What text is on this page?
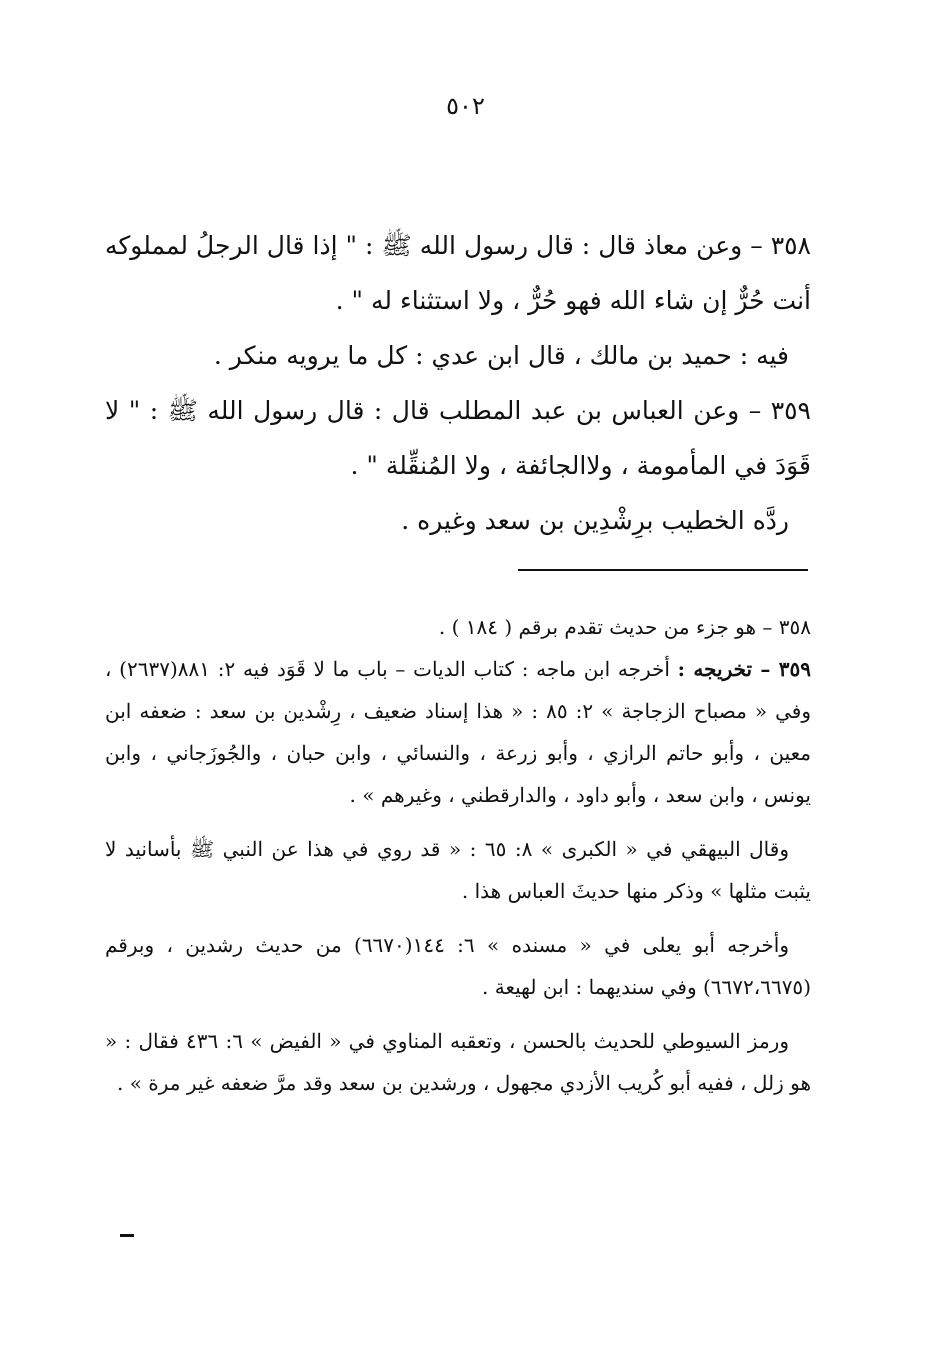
٥٠٢

٣٥٨ – وعن معاذ قال : قال رسول الله ﷺ : " إذا قال الرجلُ لمملوكه أنت حُرٌّ إن شاء الله فهو حُرٌّ ، ولا استثناء له " .

فيه : حميد بن مالك ، قال ابن عدي : كل ما يرويه منكر .

٣٥٩ – وعن العباس بن عبد المطلب قال : قال رسول الله ﷺ : " لا قَوَدَ في المأمومة ، ولاالجائفة ، ولا المُنقِّلة " .

ردَّه الخطيب برِشْدِين بن سعد وغيره .

٣٥٨ – هو جزء من حديث تقدم برقم ( ١٨٤ ) .

٣٥٩ – تخريجه : أخرجه ابن ماجه : كتاب الديات – باب ما لا قَوَد فيه ٢: ٨٨١(٢٦٣٧) ، وفي « مصباح الزجاجة » ٢: ٨٥ : « هذا إسناد ضعيف ، رِشْدين بن سعد : ضعفه ابن معين ، وأبو حاتم الرازي ، وأبو زرعة ، والنسائي ، وابن حبان ، والجُوزَجاني ، وابن يونس ، وابن سعد ، وأبو داود ، والدارقطني ، وغيرهم » .

وقال البيهقي في « الكبرى » ٨: ٦٥ : « قد روي في هذا عن النبي ﷺ بأسانيد لا يثبت مثلها » وذكر منها حديثَ العباس هذا .

وأخرجه أبو يعلى في « مسنده » ٦: ١٤٤(٦٦٧٠) من حديث رشدين ، وبرقم (٦٦٧٢،٦٦٧٥) وفي سنديهما : ابن لهيعة .

ورمز السيوطي للحديث بالحسن ، وتعقبه المناوي في « الفيض » ٦: ٤٣٦ فقال : « هو زلل ، ففيه أبو كُريب الأزدي مجهول ، ورشدين بن سعد وقد مرَّ ضعفه غير مرة » .
